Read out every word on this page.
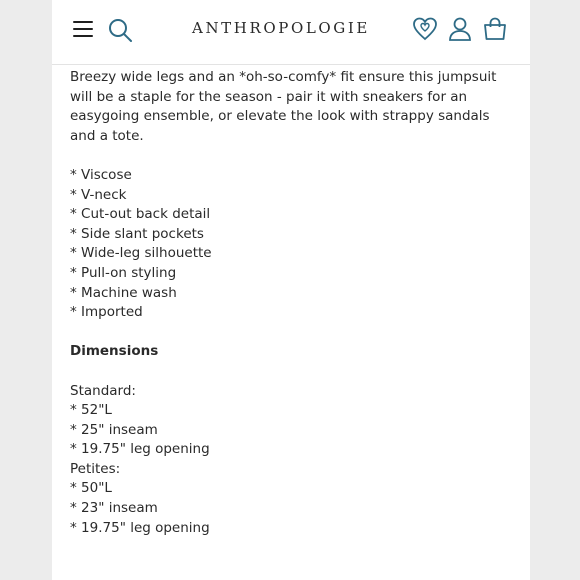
ANTHROPOLOGIE

Breezy wide legs and an *oh-so-comfy* fit ensure this jumpsuit will be a staple for the season - pair it with sneakers for an easygoing ensemble, or elevate the look with strappy sandals and a tote.

* Viscose

* V-neck

* Cut-out back detail

* Side slant pockets

* Wide-leg silhouette

* Pull-on styling

* Machine wash

* Imported

Dimensions

Standard:

* 52"L

* 25" inseam

* 19.75" leg opening

Petites:

* 50"L

* 23" inseam

* 19.75" leg opening
